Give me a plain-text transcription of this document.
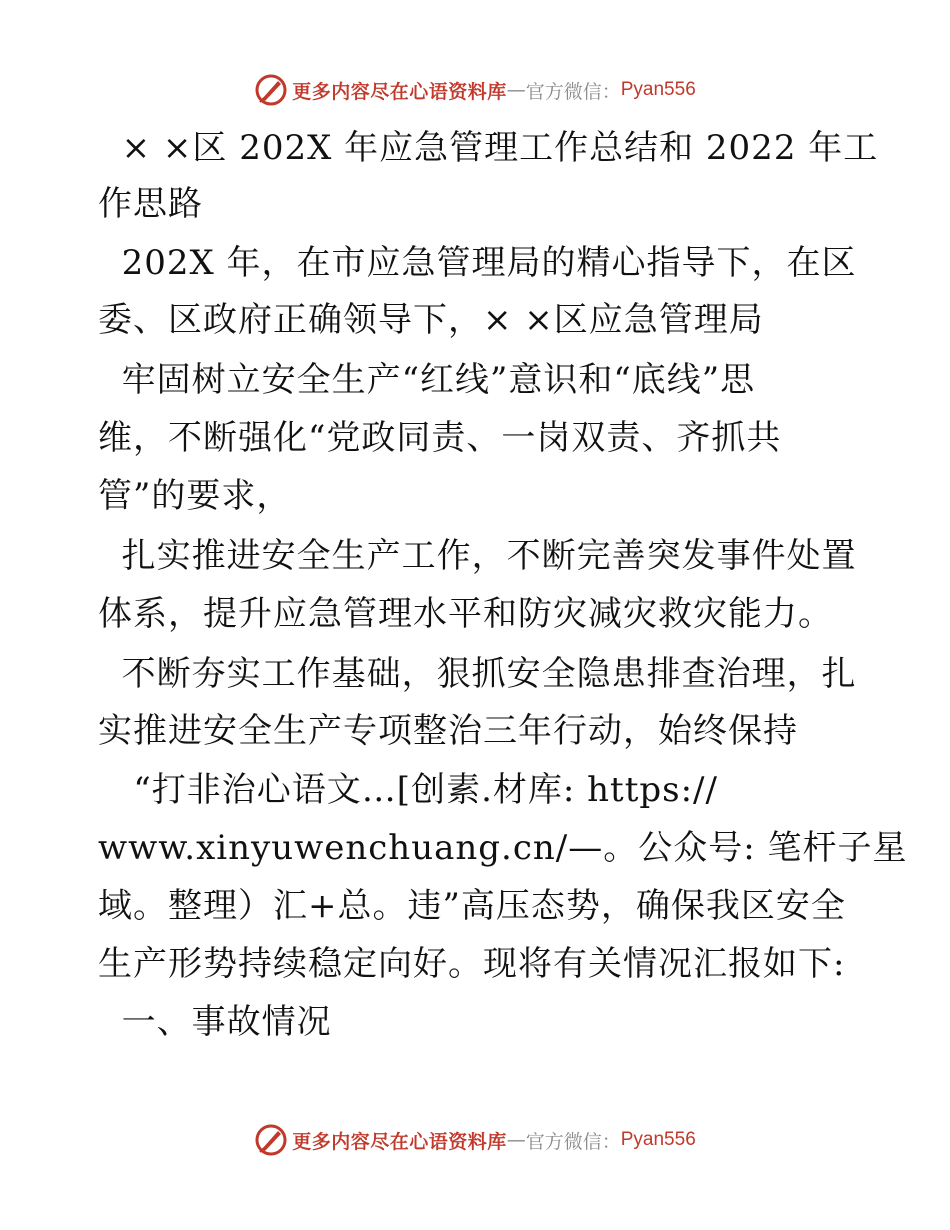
更多内容尽在心语资料库 — 官方微信： Pyan556
× ×区 202X 年应急管理工作总结和 2022 年工
作思路
202X 年，在市应急管理局的精心指导下，在区
委、区政府正确领导下，× ×区应急管理局
牢固树立安全生产“红线”意识和“底线”思
维，不断强化“党政同责、一岗双责、齐抓共
管”的要求，
扎实推进安全生产工作，不断完善突发事件处置
体系，提升应急管理水平和防灾减灾救灾能力。
不断夯实工作基础，狠抓安全隐患排查治理，扎
实推进安全生产专项整治三年行动，始终保持
“打非治心语文…[创素.材库: https://
www.xinyuwenchuang.cn/—。公众号: 笔杆子星
域。整理）汇+总。违”高压态势，确保我区安全
生产形势持续稳定向好。现将有关情况汇报如下:
一、事故情况
更多内容尽在心语资料库 — 官方微信： Pyan556
